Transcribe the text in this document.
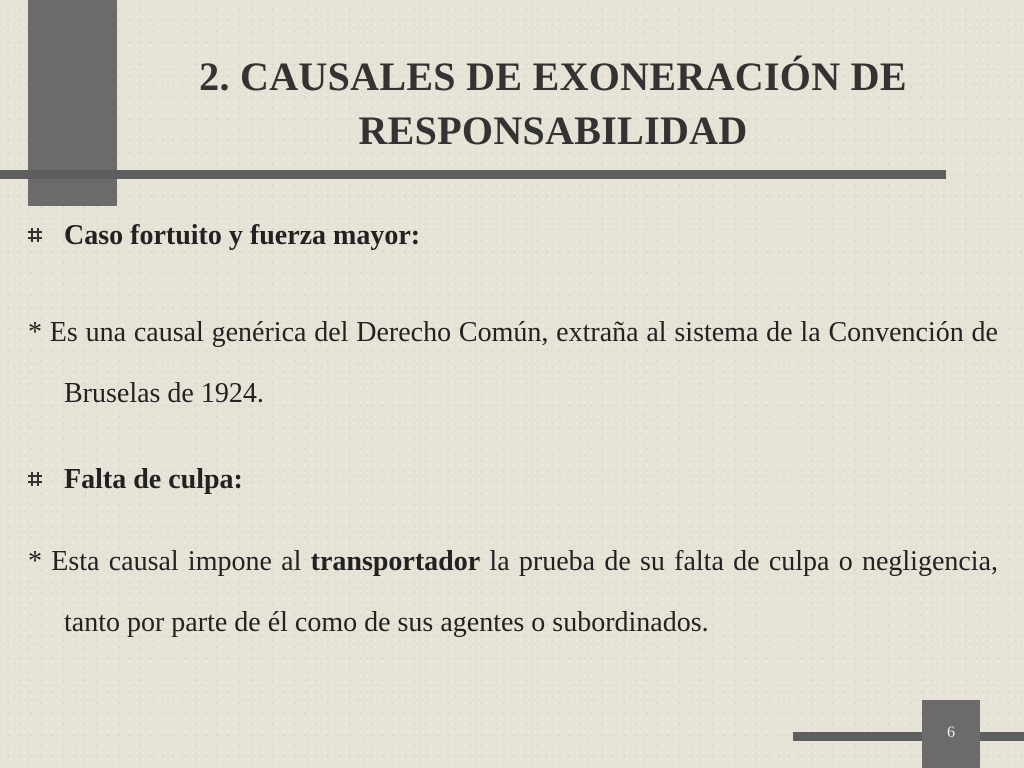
2. CAUSALES DE EXONERACIÓN DE RESPONSABILIDAD
Caso fortuito y fuerza mayor:

* Es una causal genérica del Derecho Común, extraña al sistema de la Convención de Bruselas de 1924.

Falta de culpa:

* Esta causal impone al transportador la prueba de su falta de culpa o negligencia, tanto por parte de él como de sus agentes o subordinados.

6
